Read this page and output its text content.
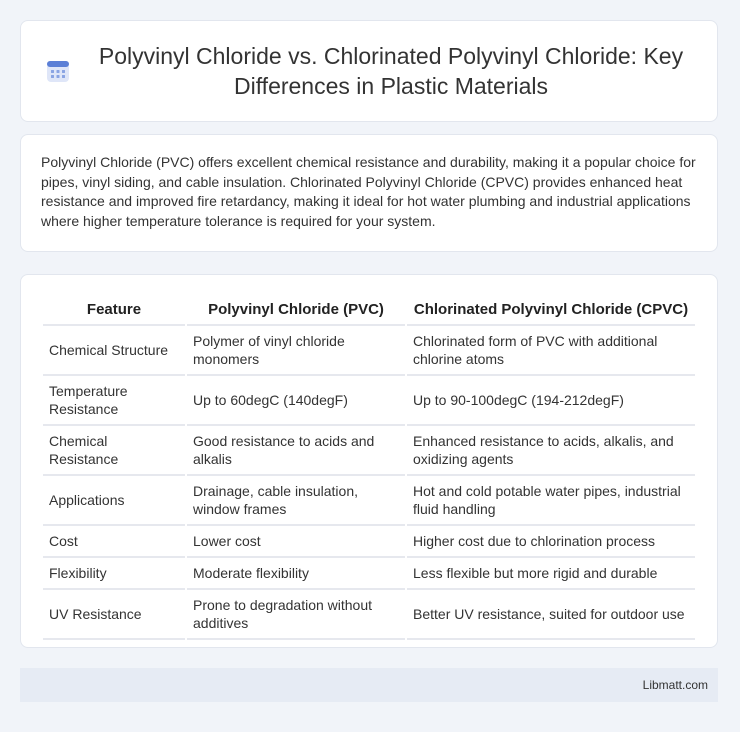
Polyvinyl Chloride vs. Chlorinated Polyvinyl Chloride: Key Differences in Plastic Materials

Polyvinyl Chloride (PVC) offers excellent chemical resistance and durability, making it a popular choice for pipes, vinyl siding, and cable insulation. Chlorinated Polyvinyl Chloride (CPVC) provides enhanced heat resistance and improved fire retardancy, making it ideal for hot water plumbing and industrial applications where higher temperature tolerance is required for your system.

Feature	Polyvinyl Chloride (PVC)	Chlorinated Polyvinyl Chloride (CPVC)
Chemical Structure	Polymer of vinyl chloride monomers	Chlorinated form of PVC with additional chlorine atoms
Temperature Resistance	Up to 60degC (140degF)	Up to 90-100degC (194-212degF)
Chemical Resistance	Good resistance to acids and alkalis	Enhanced resistance to acids, alkalis, and oxidizing agents
Applications	Drainage, cable insulation, window frames	Hot and cold potable water pipes, industrial fluid handling
Cost	Lower cost	Higher cost due to chlorination process
Flexibility	Moderate flexibility	Less flexible but more rigid and durable
UV Resistance	Prone to degradation without additives	Better UV resistance, suited for outdoor use
Libmatt.com
